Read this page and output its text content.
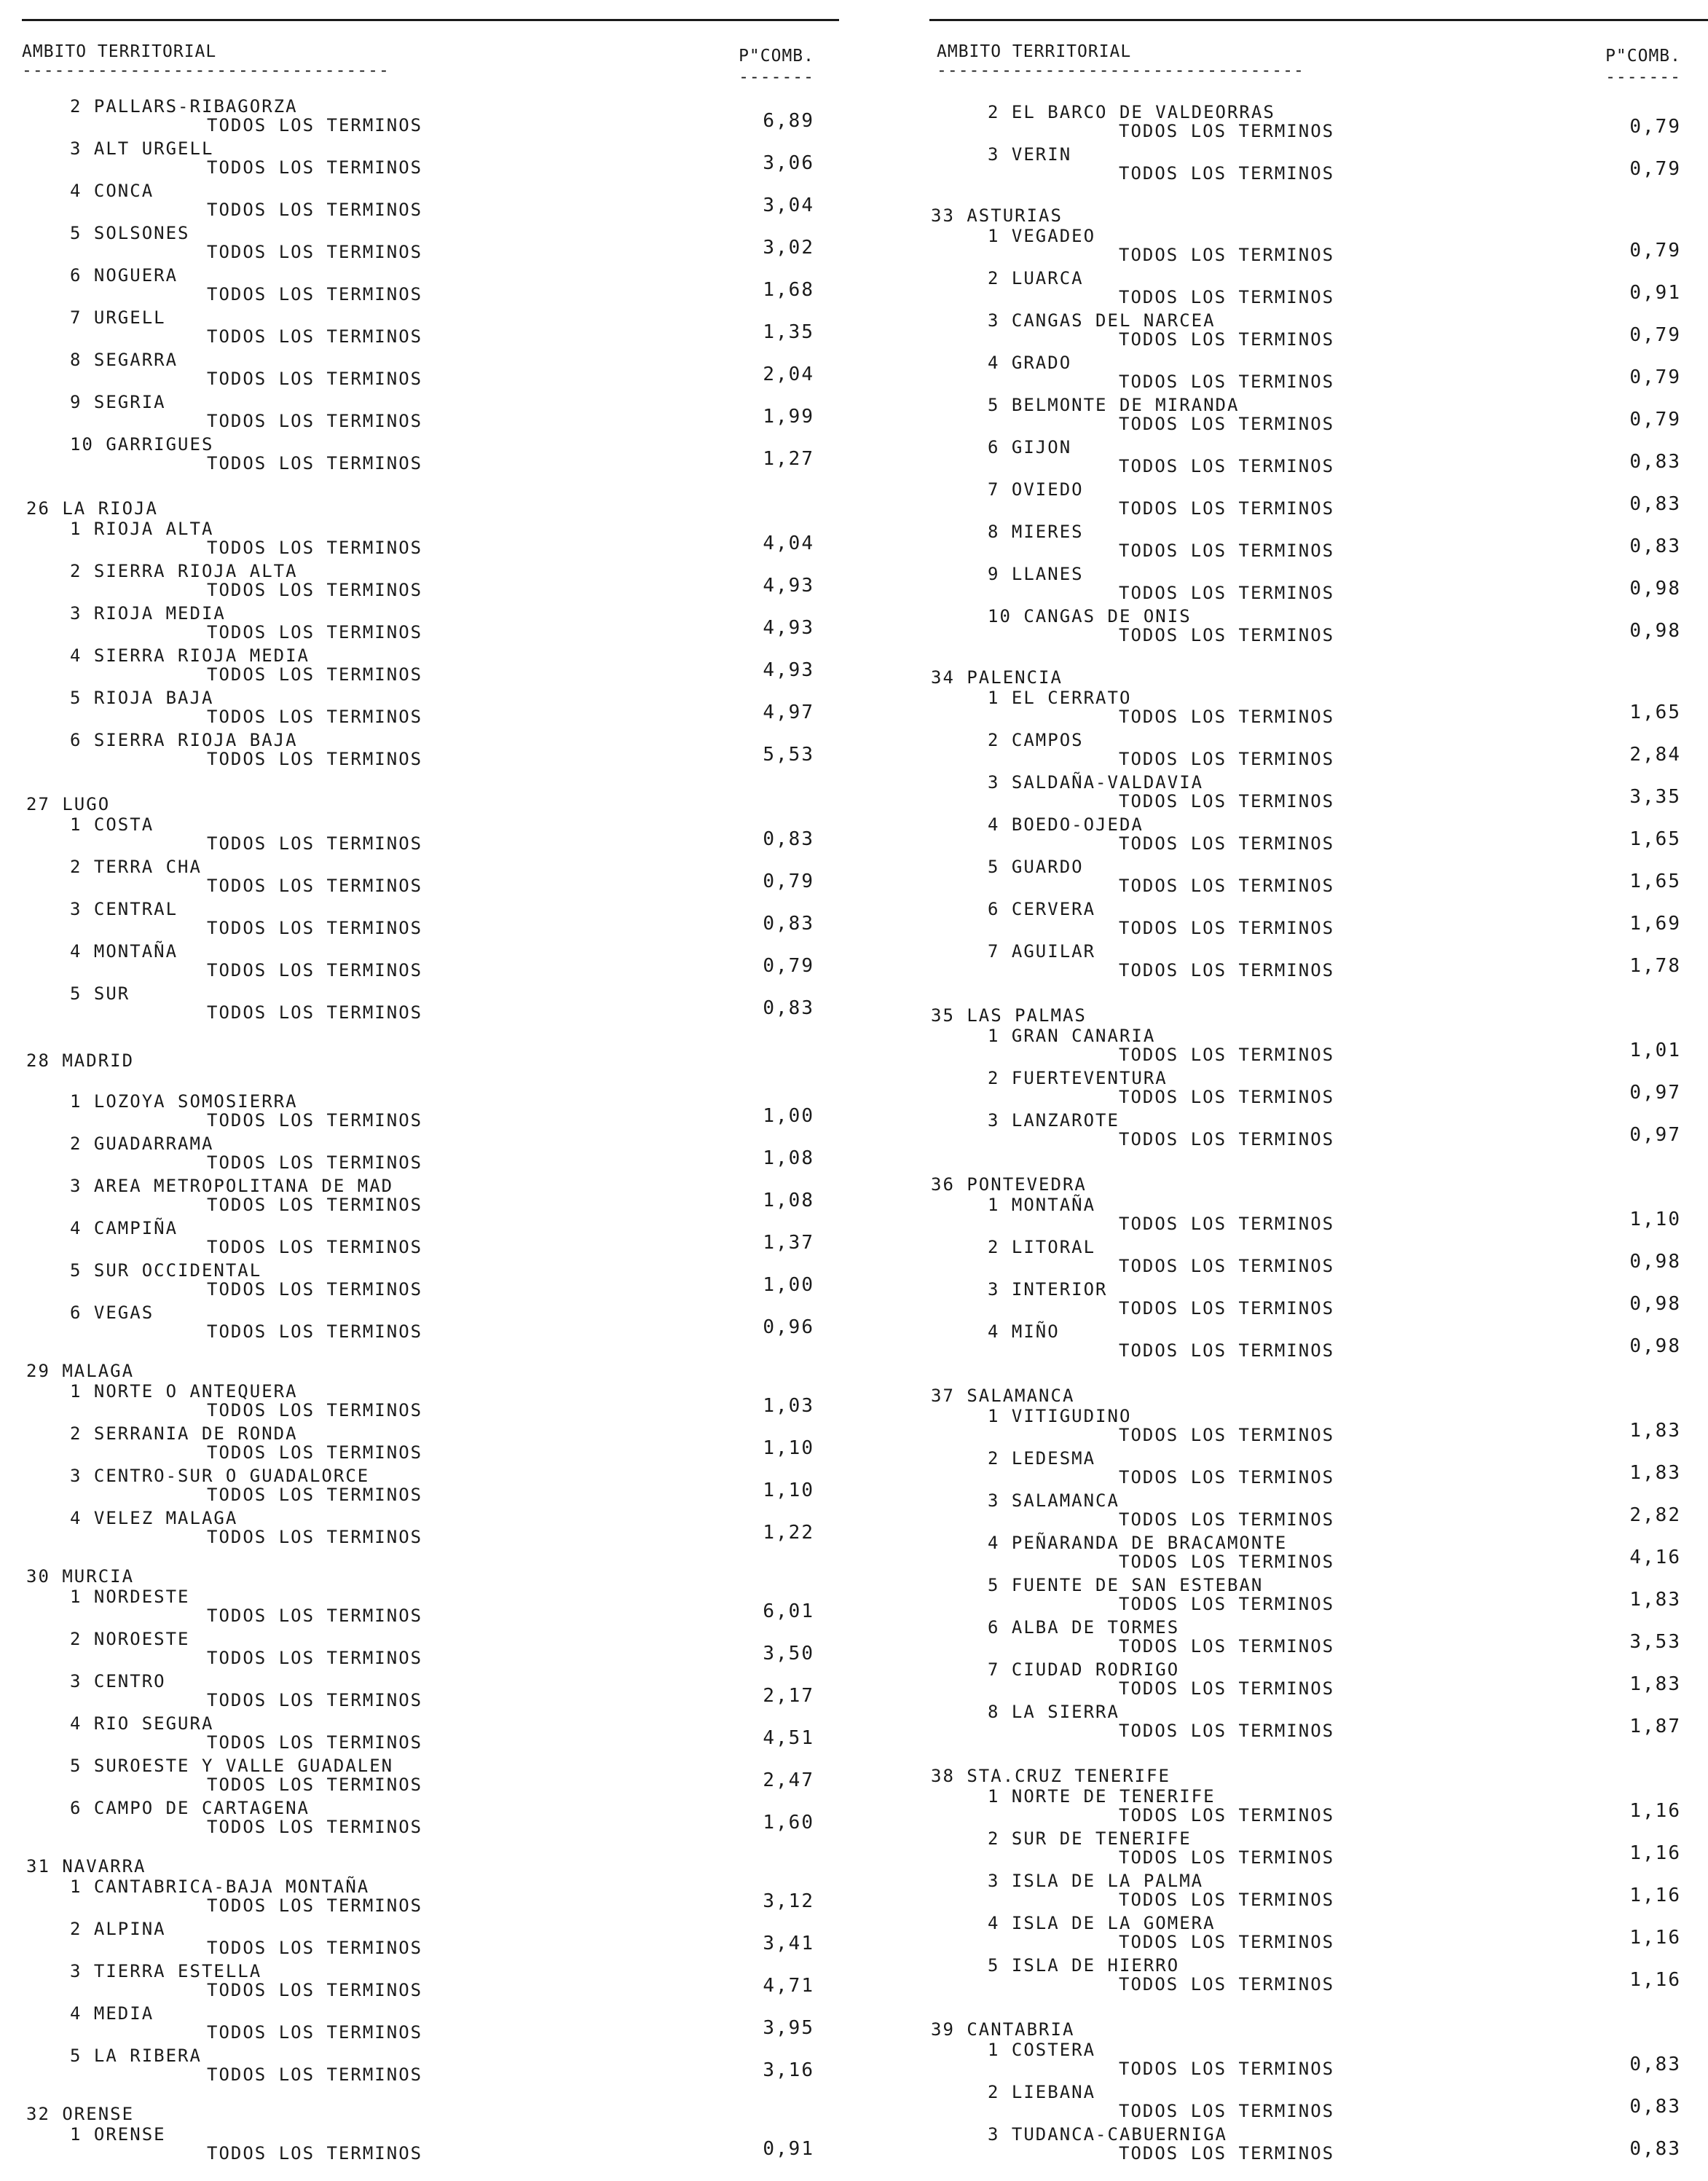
AMBITO TERRITORIAL
----------------------------------
P"COMB.
-------
2 PALLARS-RIBAGORZA
TODOS LOS TERMINOS	6,89
3 ALT URGELL
TODOS LOS TERMINOS	3,06
4 CONCA
TODOS LOS TERMINOS	3,04
5 SOLSONES
TODOS LOS TERMINOS	3,02
6 NOGUERA
TODOS LOS TERMINOS	1,68
7 URGELL
TODOS LOS TERMINOS	1,35
8 SEGARRA
TODOS LOS TERMINOS	2,04
9 SEGRIA
TODOS LOS TERMINOS	1,99
10 GARRIGUES
TODOS LOS TERMINOS	1,27
26 LA RIOJA
1 RIOJA ALTA
TODOS LOS TERMINOS	4,04
2 SIERRA RIOJA ALTA
TODOS LOS TERMINOS	4,93
3 RIOJA MEDIA
TODOS LOS TERMINOS	4,93
4 SIERRA RIOJA MEDIA
TODOS LOS TERMINOS	4,93
5 RIOJA BAJA
TODOS LOS TERMINOS	4,97
6 SIERRA RIOJA BAJA
TODOS LOS TERMINOS	5,53
27 LUGO
1 COSTA
TODOS LOS TERMINOS	0,83
2 TERRA CHA
TODOS LOS TERMINOS	0,79
3 CENTRAL
TODOS LOS TERMINOS	0,83
4 MONTAÑA
TODOS LOS TERMINOS	0,79
5 SUR
TODOS LOS TERMINOS	0,83
28 MADRID
1 LOZOYA SOMOSIERRA
TODOS LOS TERMINOS	1,00
2 GUADARRAMA
TODOS LOS TERMINOS	1,08
3 AREA METROPOLITANA DE MAD
TODOS LOS TERMINOS	1,08
4 CAMPIÑA
TODOS LOS TERMINOS	1,37
5 SUR OCCIDENTAL
TODOS LOS TERMINOS	1,00
6 VEGAS
TODOS LOS TERMINOS	0,96
29 MALAGA
1 NORTE O ANTEQUERA
TODOS LOS TERMINOS	1,03
2 SERRANIA DE RONDA
TODOS LOS TERMINOS	1,10
3 CENTRO-SUR O GUADALORCE
TODOS LOS TERMINOS	1,10
4 VELEZ MALAGA
TODOS LOS TERMINOS	1,22
30 MURCIA
1 NORDESTE
TODOS LOS TERMINOS	6,01
2 NOROESTE
TODOS LOS TERMINOS	3,50
3 CENTRO
TODOS LOS TERMINOS	2,17
4 RIO SEGURA
TODOS LOS TERMINOS	4,51
5 SUROESTE Y VALLE GUADALEN
TODOS LOS TERMINOS	2,47
6 CAMPO DE CARTAGENA
TODOS LOS TERMINOS	1,60
31 NAVARRA
1 CANTABRICA-BAJA MONTAÑA
TODOS LOS TERMINOS	3,12
2 ALPINA
TODOS LOS TERMINOS	3,41
3 TIERRA ESTELLA
TODOS LOS TERMINOS	4,71
4 MEDIA
TODOS LOS TERMINOS	3,95
5 LA RIBERA
TODOS LOS TERMINOS	3,16
32 ORENSE
1 ORENSE
TODOS LOS TERMINOS	0,91
AMBITO TERRITORIAL
----------------------------------
P"COMB.
-------
2 EL BARCO DE VALDEORRAS
TODOS LOS TERMINOS	0,79
3 VERIN
TODOS LOS TERMINOS	0,79
33 ASTURIAS
1 VEGADEO
TODOS LOS TERMINOS	0,79
2 LUARCA
TODOS LOS TERMINOS	0,91
3 CANGAS DEL NARCEA
TODOS LOS TERMINOS	0,79
4 GRADO
TODOS LOS TERMINOS	0,79
5 BELMONTE DE MIRANDA
TODOS LOS TERMINOS	0,79
6 GIJON
TODOS LOS TERMINOS	0,83
7 OVIEDO
TODOS LOS TERMINOS	0,83
8 MIERES
TODOS LOS TERMINOS	0,83
9 LLANES
TODOS LOS TERMINOS	0,98
10 CANGAS DE ONIS
TODOS LOS TERMINOS	0,98
34 PALENCIA
1 EL CERRATO
TODOS LOS TERMINOS	1,65
2 CAMPOS
TODOS LOS TERMINOS	2,84
3 SALDAÑA-VALDAVIA
TODOS LOS TERMINOS	3,35
4 BOEDO-OJEDA
TODOS LOS TERMINOS	1,65
5 GUARDO
TODOS LOS TERMINOS	1,65
6 CERVERA
TODOS LOS TERMINOS	1,69
7 AGUILAR
TODOS LOS TERMINOS	1,78
35 LAS PALMAS
1 GRAN CANARIA
TODOS LOS TERMINOS	1,01
2 FUERTEVENTURA
TODOS LOS TERMINOS	0,97
3 LANZAROTE
TODOS LOS TERMINOS	0,97
36 PONTEVEDRA
1 MONTAÑA
TODOS LOS TERMINOS	1,10
2 LITORAL
TODOS LOS TERMINOS	0,98
3 INTERIOR
TODOS LOS TERMINOS	0,98
4 MIÑO
TODOS LOS TERMINOS	0,98
37 SALAMANCA
1 VITIGUDINO
TODOS LOS TERMINOS	1,83
2 LEDESMA
TODOS LOS TERMINOS	1,83
3 SALAMANCA
TODOS LOS TERMINOS	2,82
4 PEÑARANDA DE BRACAMONTE
TODOS LOS TERMINOS	4,16
5 FUENTE DE SAN ESTEBAN
TODOS LOS TERMINOS	1,83
6 ALBA DE TORMES
TODOS LOS TERMINOS	3,53
7 CIUDAD RODRIGO
TODOS LOS TERMINOS	1,83
8 LA SIERRA
TODOS LOS TERMINOS	1,87
38 STA.CRUZ TENERIFE
1 NORTE DE TENERIFE
TODOS LOS TERMINOS	1,16
2 SUR DE TENERIFE
TODOS LOS TERMINOS	1,16
3 ISLA DE LA PALMA
TODOS LOS TERMINOS	1,16
4 ISLA DE LA GOMERA
TODOS LOS TERMINOS	1,16
5 ISLA DE HIERRO
TODOS LOS TERMINOS	1,16
39 CANTABRIA
1 COSTERA
TODOS LOS TERMINOS	0,83
2 LIEBANA
TODOS LOS TERMINOS	0,83
3 TUDANCA-CABUERNIGA
TODOS LOS TERMINOS	0,83
